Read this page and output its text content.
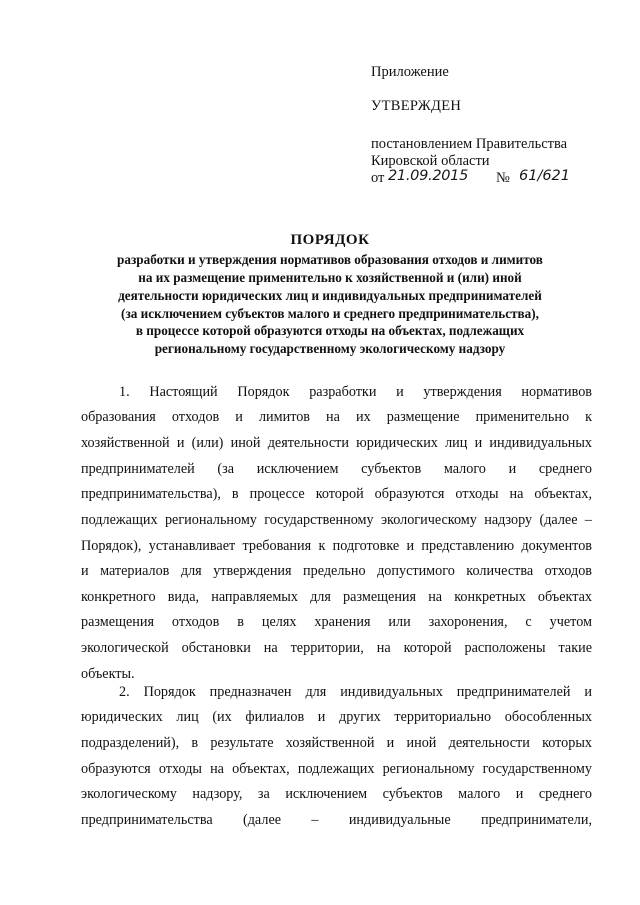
Приложение
УТВЕРЖДЕН
постановлением Правительства
Кировской области
от 21.09.2015 № 61/621
ПОРЯДОК
разработки и утверждения нормативов образования отходов и лимитов
на их размещение применительно к хозяйственной и (или) иной
деятельности юридических лиц и индивидуальных предпринимателей
(за исключением субъектов малого и среднего предпринимательства),
в процессе которой образуются отходы на объектах, подлежащих
региональному государственному экологическому надзору
1. Настоящий Порядок разработки и утверждения нормативов
образования отходов и лимитов на их размещение применительно к
хозяйственной и (или) иной деятельности юридических лиц и индивидуальных
предпринимателей (за исключением субъектов малого и среднего
предпринимательства), в процессе которой образуются отходы на объектах,
подлежащих региональному государственному экологическому надзору (далее –
Порядок), устанавливает требования к подготовке и представлению документов
и материалов для утверждения предельно допустимого количества отходов
конкретного вида, направляемых для размещения на конкретных объектах
размещения отходов в целях хранения или захоронения, с учетом
экологической обстановки на территории, на которой расположены такие
объекты.
2. Порядок предназначен для индивидуальных предпринимателей и
юридических лиц (их филиалов и других территориально обособленных
подразделений), в результате хозяйственной и иной деятельности которых
образуются отходы на объектах, подлежащих региональному государственному
экологическому надзору, за исключением субъектов малого и среднего
предпринимательства (далее – индивидуальные предприниматели,
